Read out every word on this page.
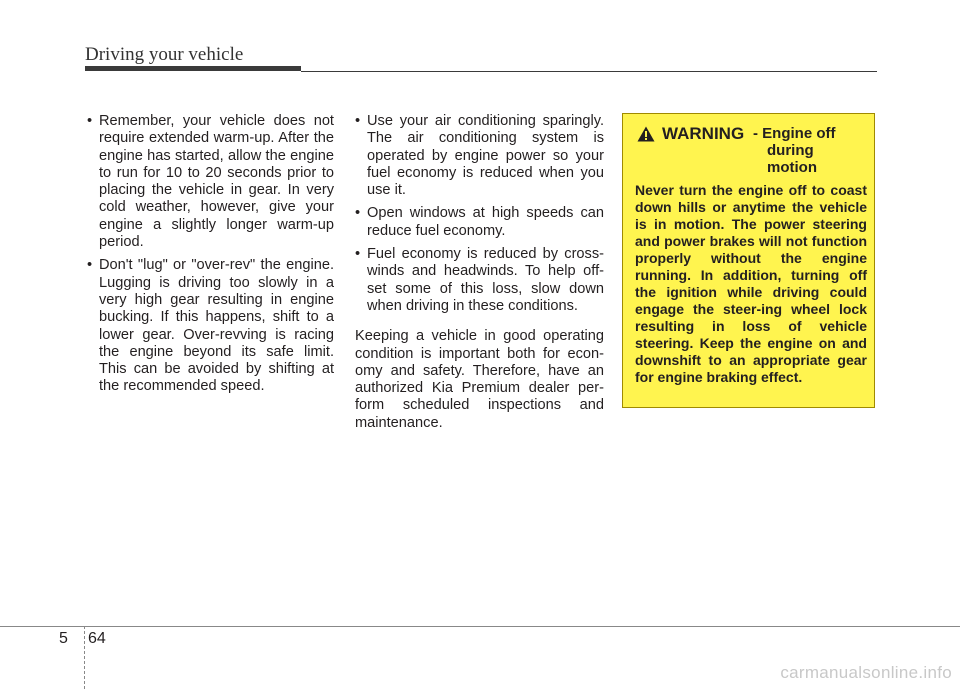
Driving your vehicle
• Remember, your vehicle does not require extended warm-up. After the engine has started, allow the engine to run for 10 to 20 seconds prior to placing the vehicle in gear. In very cold weather, however, give your engine a slightly longer warm-up period.
• Don't "lug" or "over-rev" the engine. Lugging is driving too slowly in a very high gear resulting in engine bucking. If this happens, shift to a lower gear. Over-revving is racing the engine beyond its safe limit. This can be avoided by shifting at the recommended speed.
• Use your air conditioning sparingly. The air conditioning system is operated by engine power so your fuel economy is reduced when you use it.
• Open windows at high speeds can reduce fuel economy.
• Fuel economy is reduced by cross-winds and headwinds. To help off-set some of this loss, slow down when driving in these conditions.
Keeping a vehicle in good operating condition is important both for econ-omy and safety. Therefore, have an authorized Kia Premium dealer per-form scheduled inspections and maintenance.
WARNING - Engine off
during
motion
Never turn the engine off to coast down hills or anytime the vehicle is in motion. The power steering and power brakes will not function properly without the engine running. In addition, turning off the ignition while driving could engage the steer-ing wheel lock resulting in loss of vehicle steering. Keep the engine on and downshift to an appropriate gear for engine braking effect.
5 64
carmanualsonline.info
